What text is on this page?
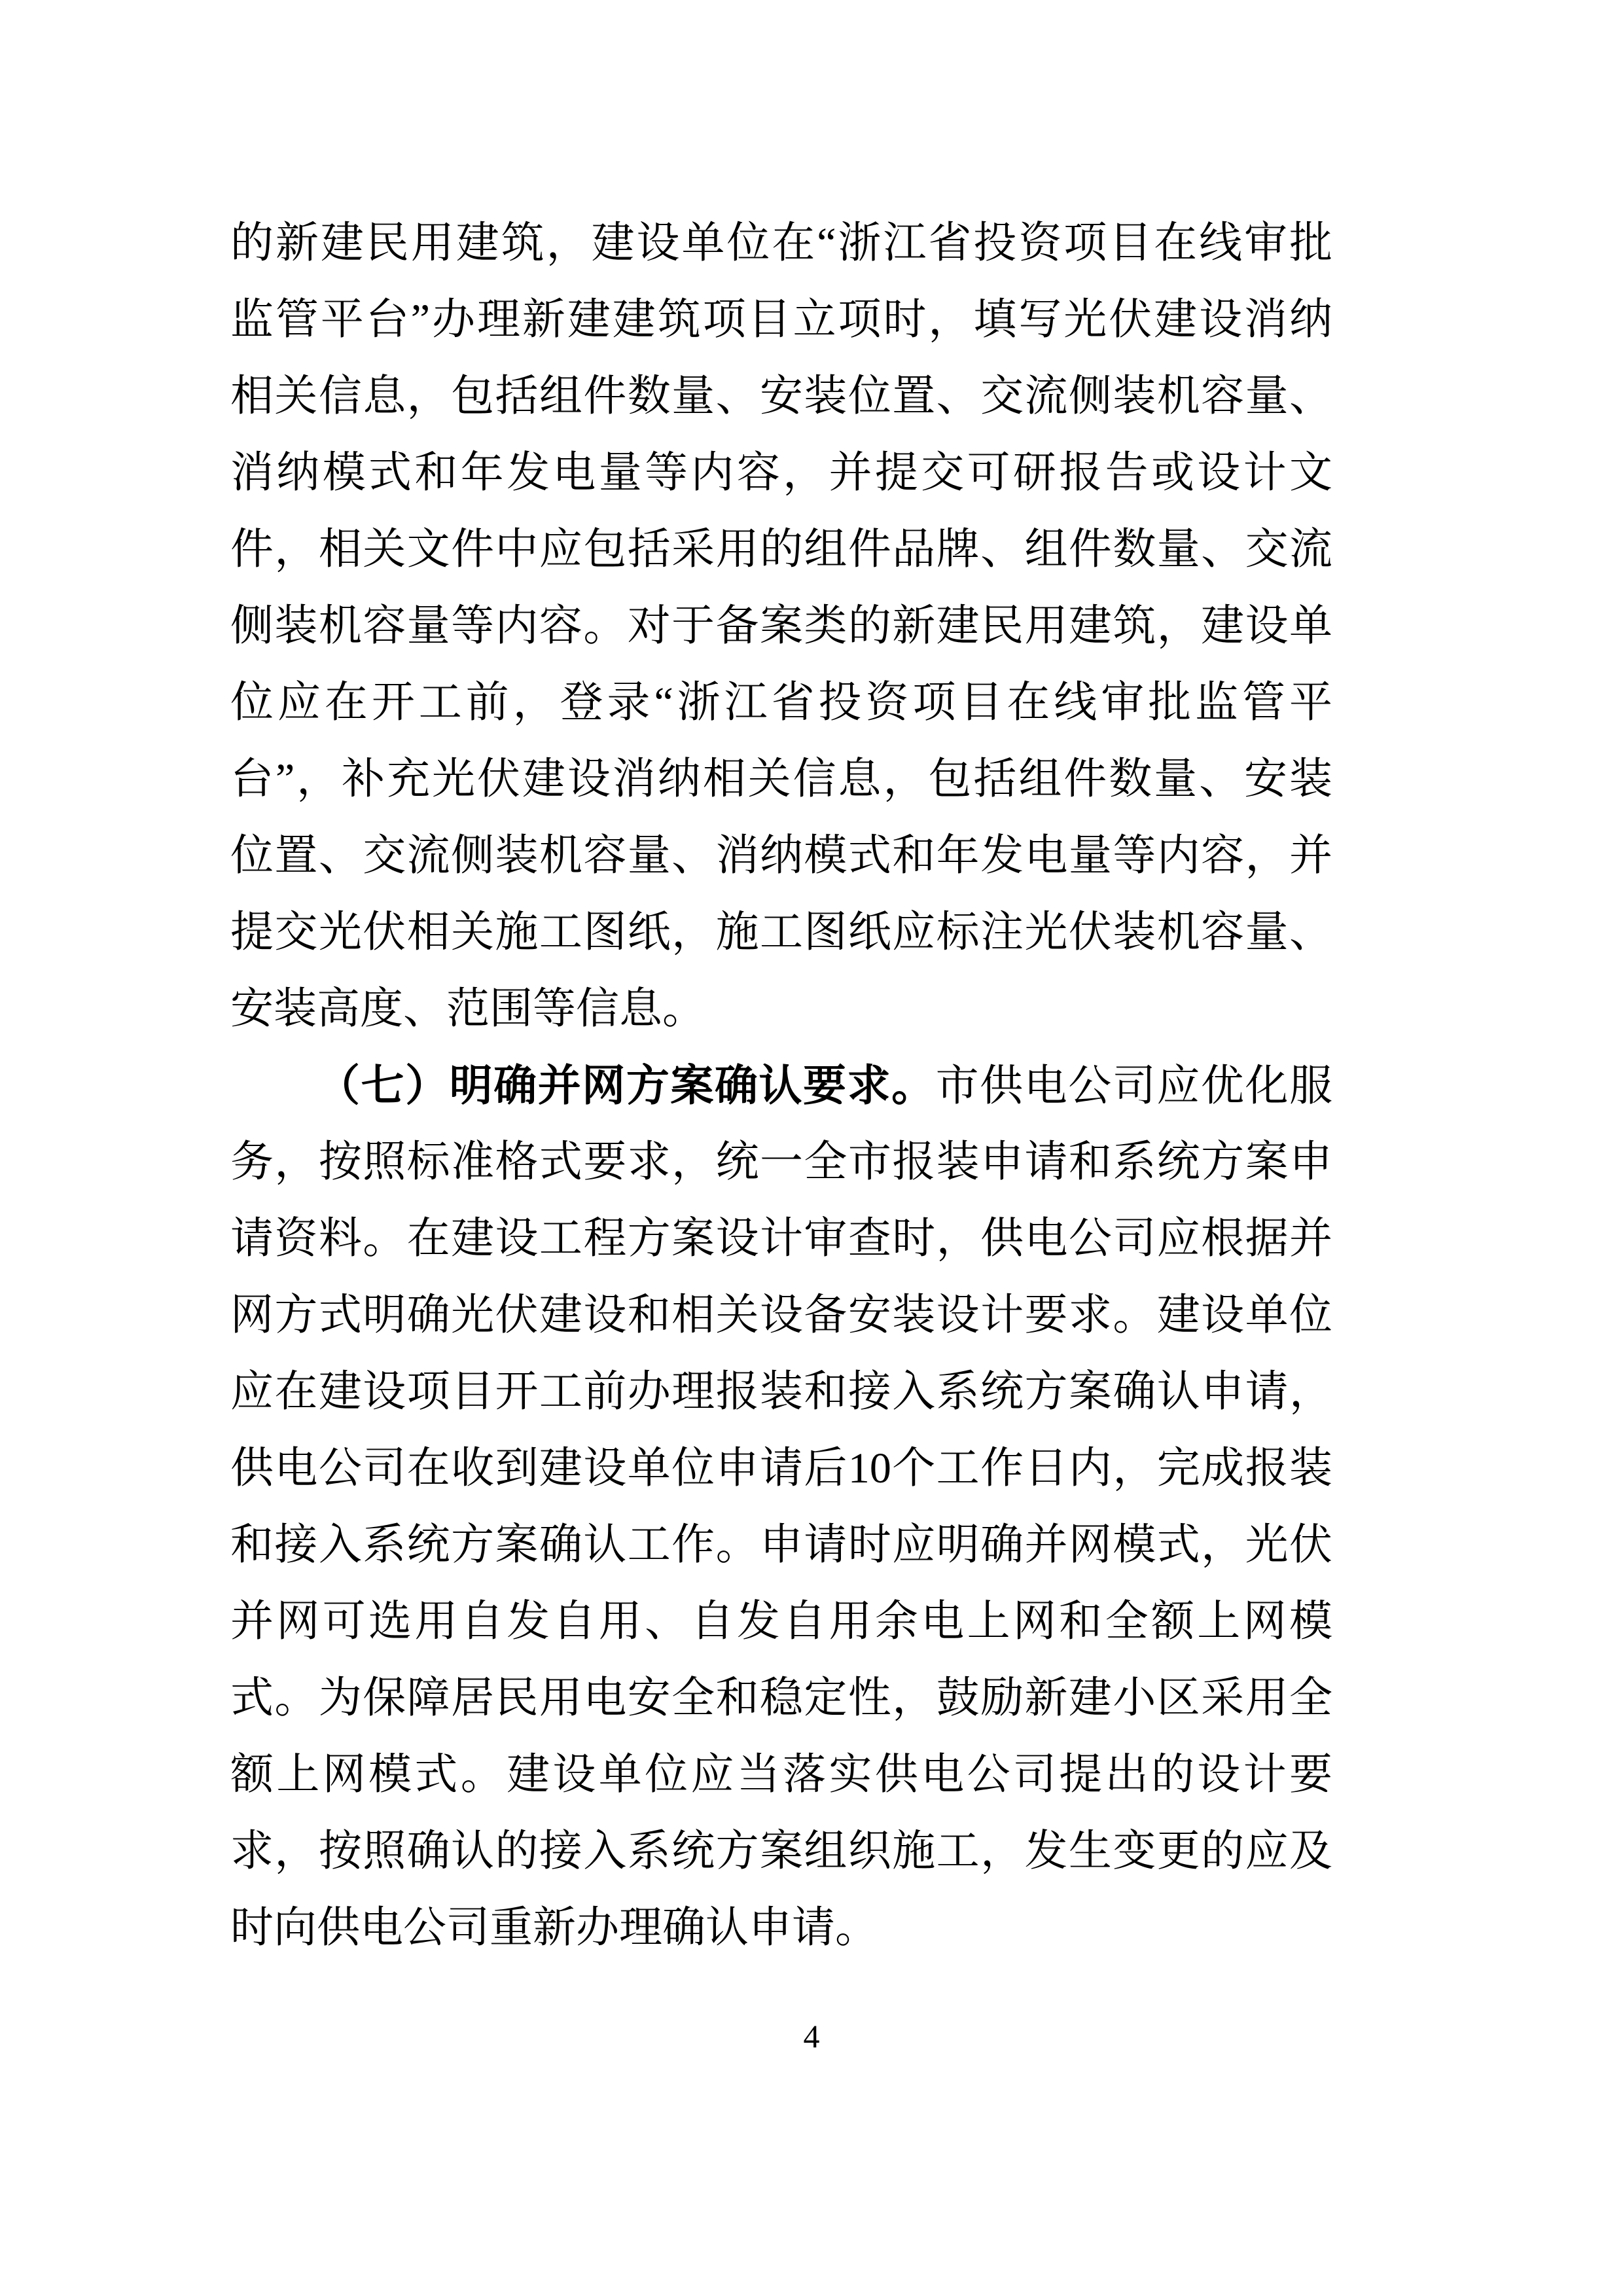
的新建民用建筑，建设单位在“浙江省投资项目在线审批
监管平台”办理新建建筑项目立项时，填写光伏建设消纳
相关信息，包括组件数量、安装位置、交流侧装机容量、
消纳模式和年发电量等内容，并提交可研报告或设计文
件，相关文件中应包括采用的组件品牌、组件数量、交流
侧装机容量等内容。对于备案类的新建民用建筑，建设单
位应在开工前，登录“浙江省投资项目在线审批监管平
台”，补充光伏建设消纳相关信息，包括组件数量、安装
位置、交流侧装机容量、消纳模式和年发电量等内容，并
提交光伏相关施工图纸，施工图纸应标注光伏装机容量、
安装高度、范围等信息。
（七）明确并网方案确认要求。市供电公司应优化服
务，按照标准格式要求，统一全市报装申请和系统方案申
请资料。在建设工程方案设计审查时，供电公司应根据并
网方式明确光伏建设和相关设备安装设计要求。建设单位
应在建设项目开工前办理报装和接入系统方案确认申请，
供电公司在收到建设单位申请后10个工作日内，完成报装
和接入系统方案确认工作。申请时应明确并网模式，光伏
并网可选用自发自用、自发自用余电上网和全额上网模
式。为保障居民用电安全和稳定性，鼓励新建小区采用全
额上网模式。建设单位应当落实供电公司提出的设计要
求，按照确认的接入系统方案组织施工，发生变更的应及
时向供电公司重新办理确认申请。
4
